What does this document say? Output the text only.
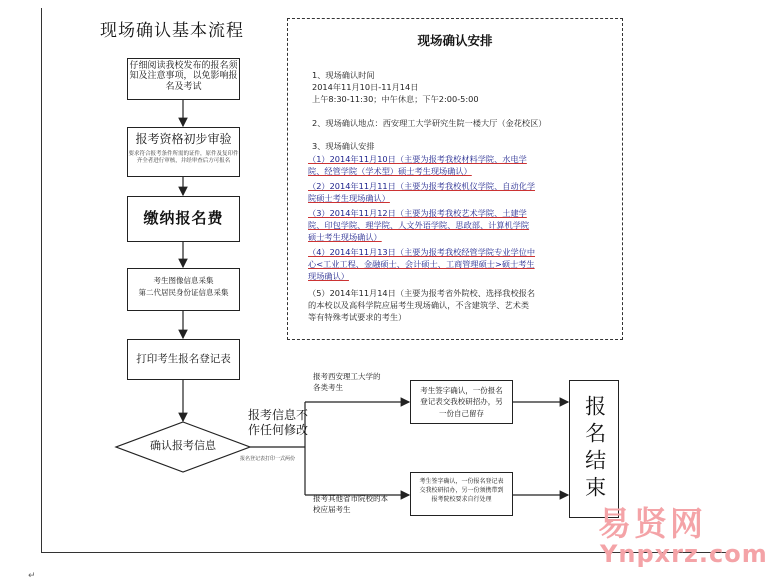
现场确认基本流程
仔细阅读我校发布的报名须知及注意事项，以免影响报名及考试
报考资格初步审验
要求符合报考条件所需的证件，原件及复印件齐全者进行审核，并经审查后方可报名
缴纳报名费
考生图像信息采集
第二代居民身份证信息采集
打印考生报名登记表
确认报考信息
报考信息不作任何修改
报名登记表打印一式两份
报考西安理工大学的各类考生
报考其他省市院校的本校应届考生
考生签字确认，一份报名登记表交我校研招办，另一份自己留存
考生签字确认，一份报名登记表交我校研招办，另一份须携带到报考院校要求自行处理	报名结束
现场确认安排
1、现场确认时间
2014年11月10日-11月14日
上午8:30-11:30；中午休息；下午2:00-5:00
2、现场确认地点：西安理工大学研究生院一楼大厅（金花校区）
3、现场确认安排
（1）2014年11月10日（主要为报考我校材料学院、水电学
院、经管学院（学术型）硕士考生现场确认）
（2）2014年11月11日（主要为报考我校机仪学院、自动化学
院硕士考生现场确认）
（3）2014年11月12日（主要为报考我校艺术学院、土建学
院、印包学院、理学院、人文外语学院、思政部、计算机学院
硕士考生现场确认）
（4）2014年11月13日（主要为报考我校经管学院专业学位中
心<工业工程、金融硕士、会计硕士、工商管理硕士>硕士考生
现场确认）
（5）2014年11月14日（主要为报考省外院校、选择我校报名
的本校以及高科学院应届考生现场确认，不含建筑学、艺术类
等有特殊考试要求的考生）
易贤网
Ynpxrz.com
↵
